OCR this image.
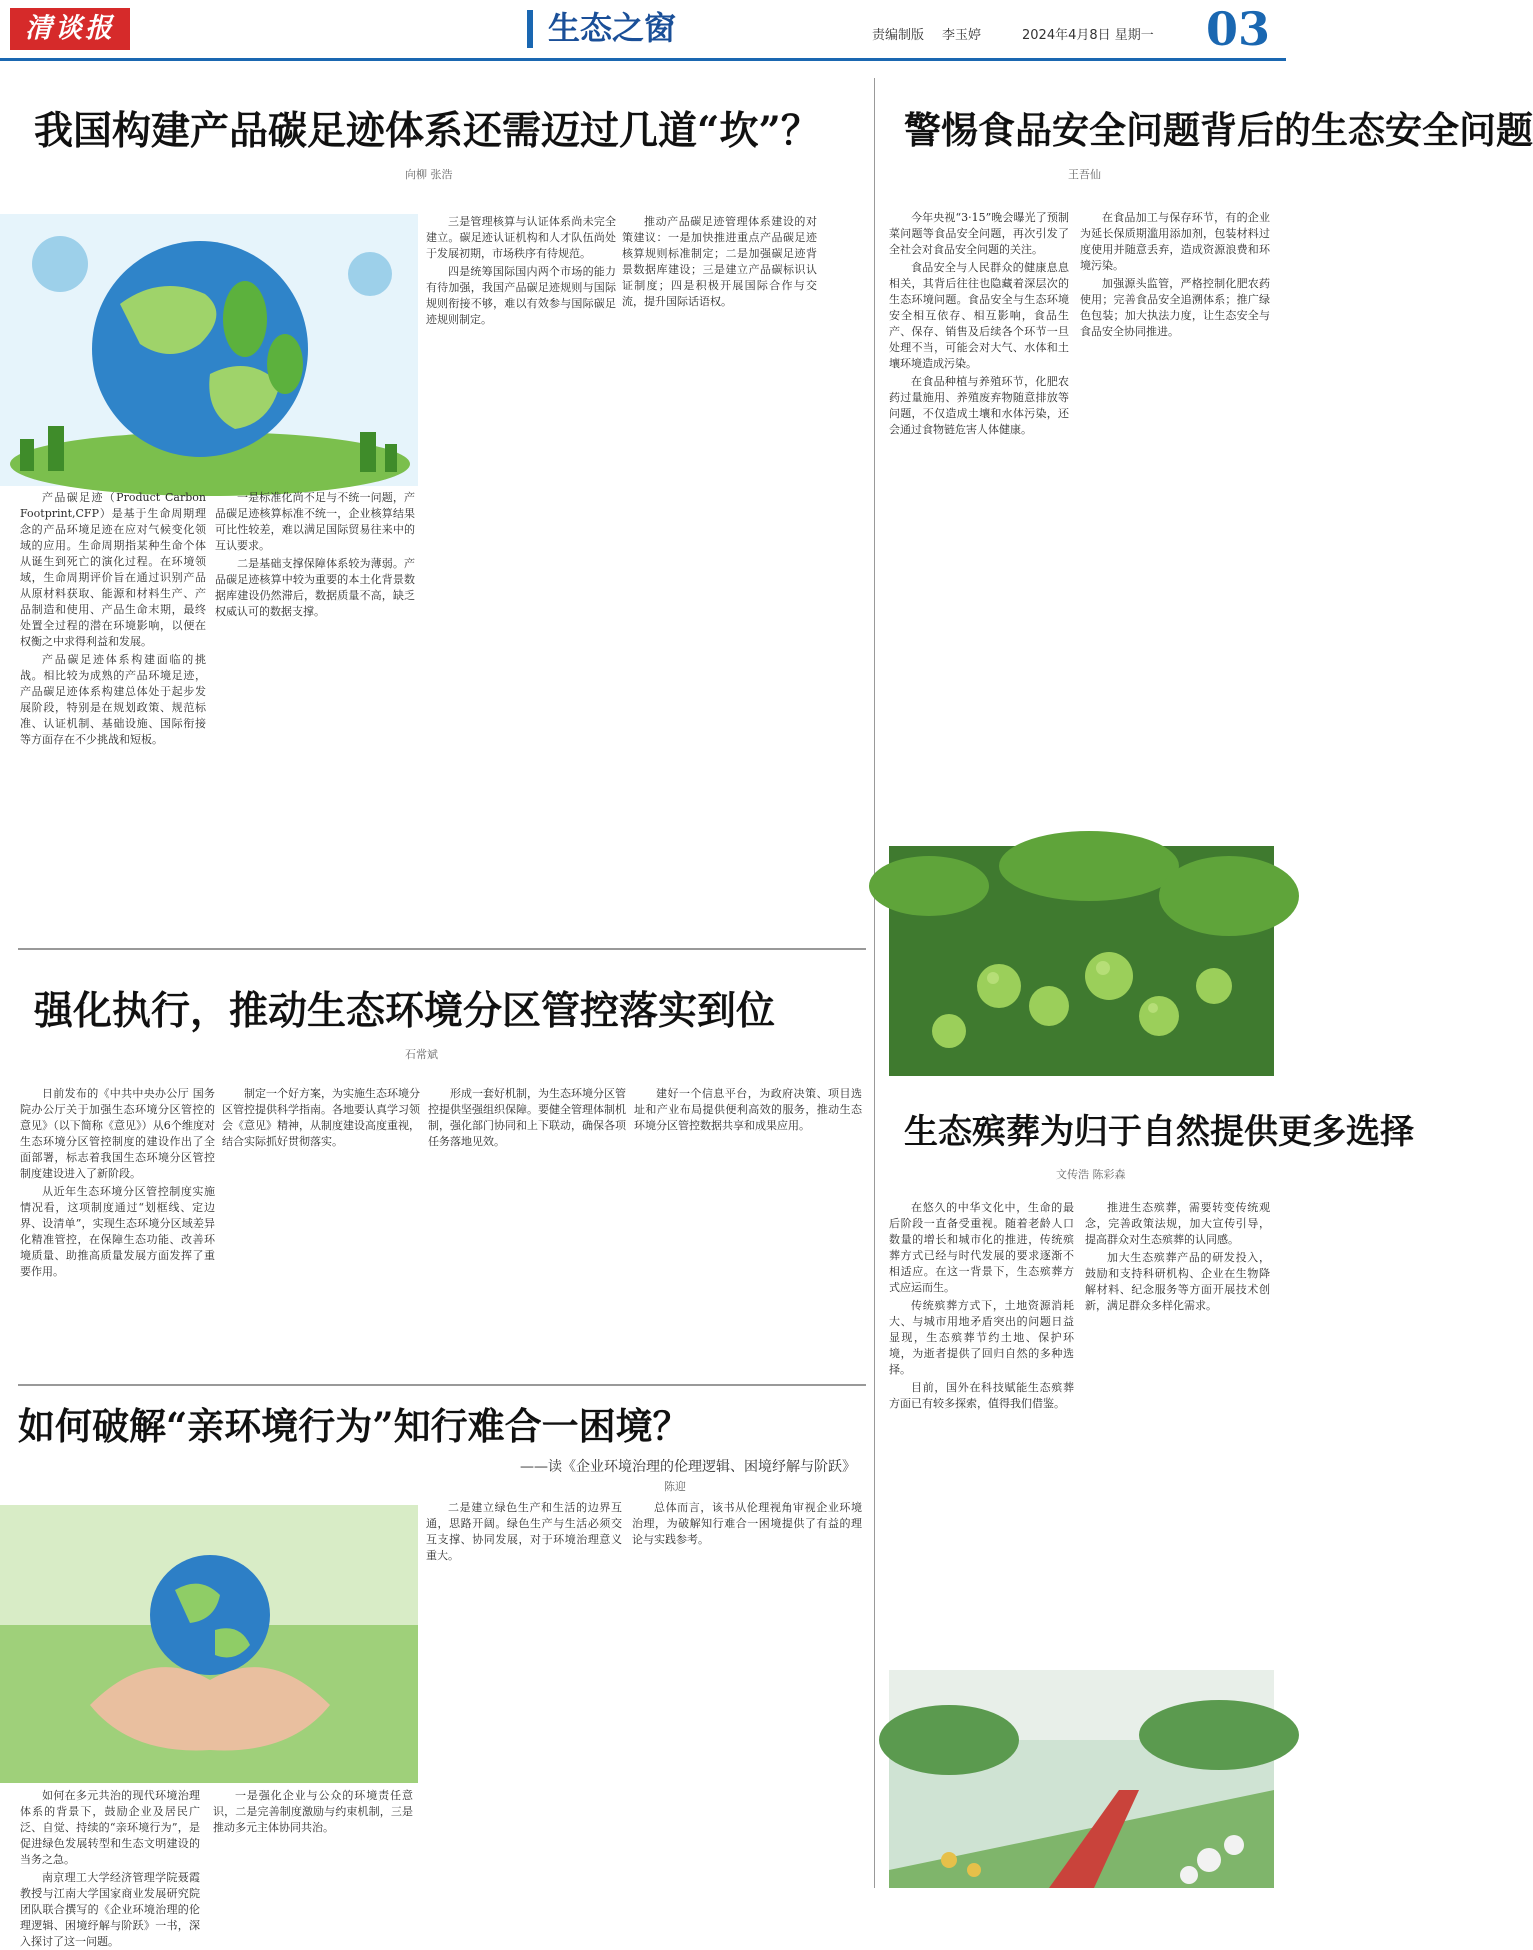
清谈报	生态之窗	责编制版 李玉婷	2024年4月8日 星期一 03
我国构建产品碳足迹体系还需迈过几道“坎”？
向柳 张浩

产品碳足迹（Product Carbon Footprint,CFP）是基于生命周期理念的产品环境足迹在应对气候变化领域的应用。生命周期指某种生命个体从诞生到死亡的演化过程。在环境领域，生命周期评价旨在通过识别产品从原材料获取、能源和材料生产、产品制造和使用、产品生命末期，最终处置全过程的潜在环境影响，以便在权衡之中求得利益和发展。

产品碳足迹体系构建面临的挑战。相比较为成熟的产品环境足迹，产品碳足迹体系构建总体处于起步发展阶段，特别是在规划政策、规范标准、认证机制、基础设施、国际衔接等方面存在不少挑战和短板。

一是标准化尚不足与不统一问题，产品碳足迹核算标准不统一，企业核算结果可比性较差，难以满足国际贸易往来中的互认要求。

二是基础支撑保障体系较为薄弱。产品碳足迹核算中较为重要的本土化背景数据库建设仍然滞后，数据质量不高，缺乏权威认可的数据支撑。

三是管理核算与认证体系尚未完全建立。碳足迹认证机构和人才队伍尚处于发展初期，市场秩序有待规范。

四是统筹国际国内两个市场的能力有待加强，我国产品碳足迹规则与国际规则衔接不够，难以有效参与国际碳足迹规则制定。

推动产品碳足迹管理体系建设的对策建议：一是加快推进重点产品碳足迹核算规则标准制定；二是加强碳足迹背景数据库建设；三是建立产品碳标识认证制度；四是积极开展国际合作与交流，提升国际话语权。

警惕食品安全问题背后的生态安全问题
王吾仙

今年央视“3·15”晚会曝光了预制菜问题等食品安全问题，再次引发了全社会对食品安全问题的关注。

食品安全与人民群众的健康息息相关，其背后往往也隐藏着深层次的生态环境问题。食品安全与生态环境安全相互依存、相互影响，食品生产、保存、销售及后续各个环节一旦处理不当，可能会对大气、水体和土壤环境造成污染。

在食品种植与养殖环节，化肥农药过量施用、养殖废弃物随意排放等问题，不仅造成土壤和水体污染，还会通过食物链危害人体健康。

在食品加工与保存环节，有的企业为延长保质期滥用添加剂，包装材料过度使用并随意丢弃，造成资源浪费和环境污染。

加强源头监管，严格控制化肥农药使用；完善食品安全追溯体系；推广绿色包装；加大执法力度，让生态安全与食品安全协同推进。

强化执行，推动生态环境分区管控落实到位
石常斌

日前发布的《中共中央办公厅 国务院办公厅关于加强生态环境分区管控的意见》（以下简称《意见》）从6个维度对生态环境分区管控制度的建设作出了全面部署，标志着我国生态环境分区管控制度建设进入了新阶段。

从近年生态环境分区管控制度实施情况看，这项制度通过“划框线、定边界、设清单”，实现生态环境分区域差异化精准管控，在保障生态功能、改善环境质量、助推高质量发展方面发挥了重要作用。

制定一个好方案，为实施生态环境分区管控提供科学指南。各地要认真学习领会《意见》精神，从制度建设高度重视，结合实际抓好贯彻落实。

形成一套好机制，为生态环境分区管控提供坚强组织保障。要健全管理体制机制，强化部门协同和上下联动，确保各项任务落地见效。

建好一个信息平台，为政府决策、项目选址和产业布局提供便利高效的服务，推动生态环境分区管控数据共享和成果应用。	生态殡葬为归于自然提供更多选择
文传浩 陈彩森

在悠久的中华文化中，生命的最后阶段一直备受重视。随着老龄人口数量的增长和城市化的推进，传统殡葬方式已经与时代发展的要求逐渐不相适应。在这一背景下，生态殡葬方式应运而生。

传统殡葬方式下，土地资源消耗大、与城市用地矛盾突出的问题日益显现，生态殡葬节约土地、保护环境，为逝者提供了回归自然的多种选择。

目前，国外在科技赋能生态殡葬方面已有较多探索，值得我们借鉴。

推进生态殡葬，需要转变传统观念，完善政策法规，加大宣传引导，提高群众对生态殡葬的认同感。

加大生态殡葬产品的研发投入，鼓励和支持科研机构、企业在生物降解材料、纪念服务等方面开展技术创新，满足群众多样化需求。

如何破解“亲环境行为”知行难合一困境？
——读《企业环境治理的伦理逻辑、困境纾解与阶跃》
陈迎

如何在多元共治的现代环境治理体系的背景下，鼓励企业及居民广泛、自觉、持续的“亲环境行为”，是促进绿色发展转型和生态文明建设的当务之急。

南京理工大学经济管理学院聂霞教授与江南大学国家商业发展研究院团队联合撰写的《企业环境治理的伦理逻辑、困境纾解与阶跃》一书，深入探讨了这一问题。

一是强化企业与公众的环境责任意识，二是完善制度激励与约束机制，三是推动多元主体协同共治。

二是建立绿色生产和生活的边界互通，思路开阔。绿色生产与生活必须交互支撑、协同发展，对于环境治理意义重大。

总体而言，该书从伦理视角审视企业环境治理，为破解知行难合一困境提供了有益的理论与实践参考。
